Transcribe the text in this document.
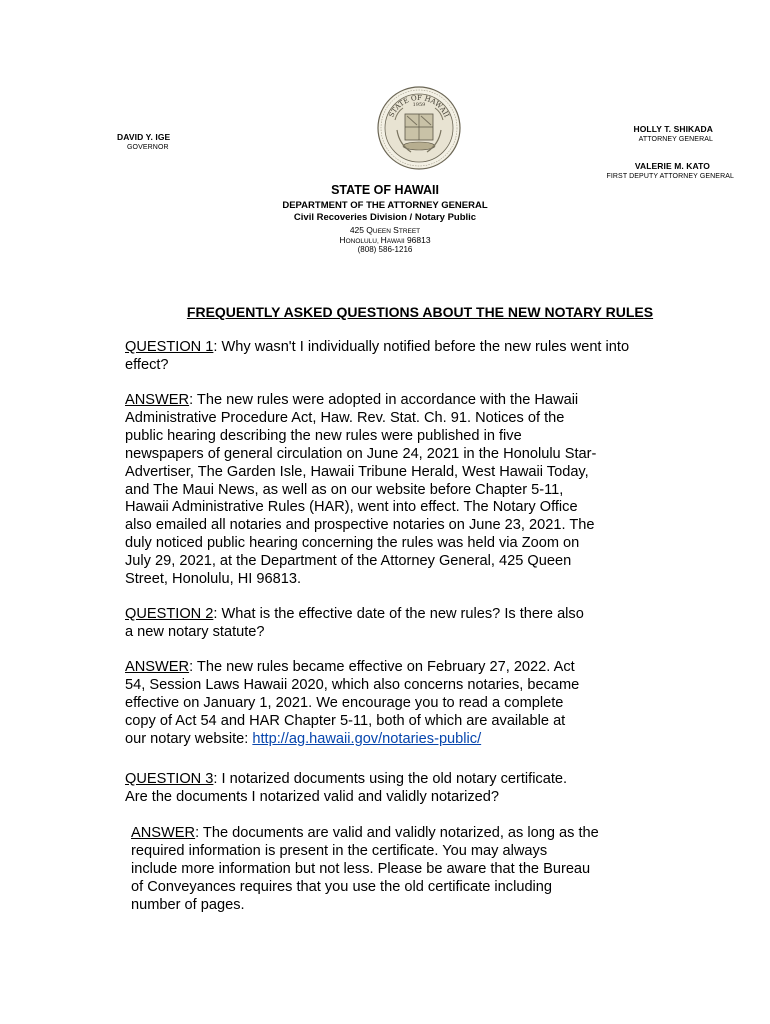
STATE OF HAWAII
1959
DAVID Y. IGE
GOVERNOR
HOLLY T. SHIKADA
ATTORNEY GENERAL
VALERIE M. KATO
FIRST DEPUTY ATTORNEY GENERAL
STATE OF HAWAII
DEPARTMENT OF THE ATTORNEY GENERAL
Civil Recoveries Division / Notary Public
425 QUEEN STREET
HONOLULU, HAWAII 96813
(808) 586-1216
FREQUENTLY ASKED QUESTIONS ABOUT THE NEW NOTARY RULES
QUESTION 1: Why wasn't I individually notified before the new rules went into
effect?
ANSWER: The new rules were adopted in accordance with the Hawaii
Administrative Procedure Act, Haw. Rev. Stat. Ch. 91. Notices of the
public hearing describing the new rules were published in five
newspapers of general circulation on June 24, 2021 in the Honolulu Star-
Advertiser, The Garden Isle, Hawaii Tribune Herald, West Hawaii Today,
and The Maui News, as well as on our website before Chapter 5-11,
Hawaii Administrative Rules (HAR), went into effect. The Notary Office
also emailed all notaries and prospective notaries on June 23, 2021. The
duly noticed public hearing concerning the rules was held via Zoom on
July 29, 2021, at the Department of the Attorney General, 425 Queen
Street, Honolulu, HI 96813.
QUESTION 2: What is the effective date of the new rules? Is there also
a new notary statute?
ANSWER: The new rules became effective on February 27, 2022. Act
54, Session Laws Hawaii 2020, which also concerns notaries, became
effective on January 1, 2021. We encourage you to read a complete
copy of Act 54 and HAR Chapter 5-11, both of which are available at
our notary website: http://ag.hawaii.gov/notaries-public/
QUESTION 3: I notarized documents using the old notary certificate.
Are the documents I notarized valid and validly notarized?
ANSWER: The documents are valid and validly notarized, as long as the
required information is present in the certificate. You may always
include more information but not less. Please be aware that the Bureau
of Conveyances requires that you use the old certificate including
number of pages.
